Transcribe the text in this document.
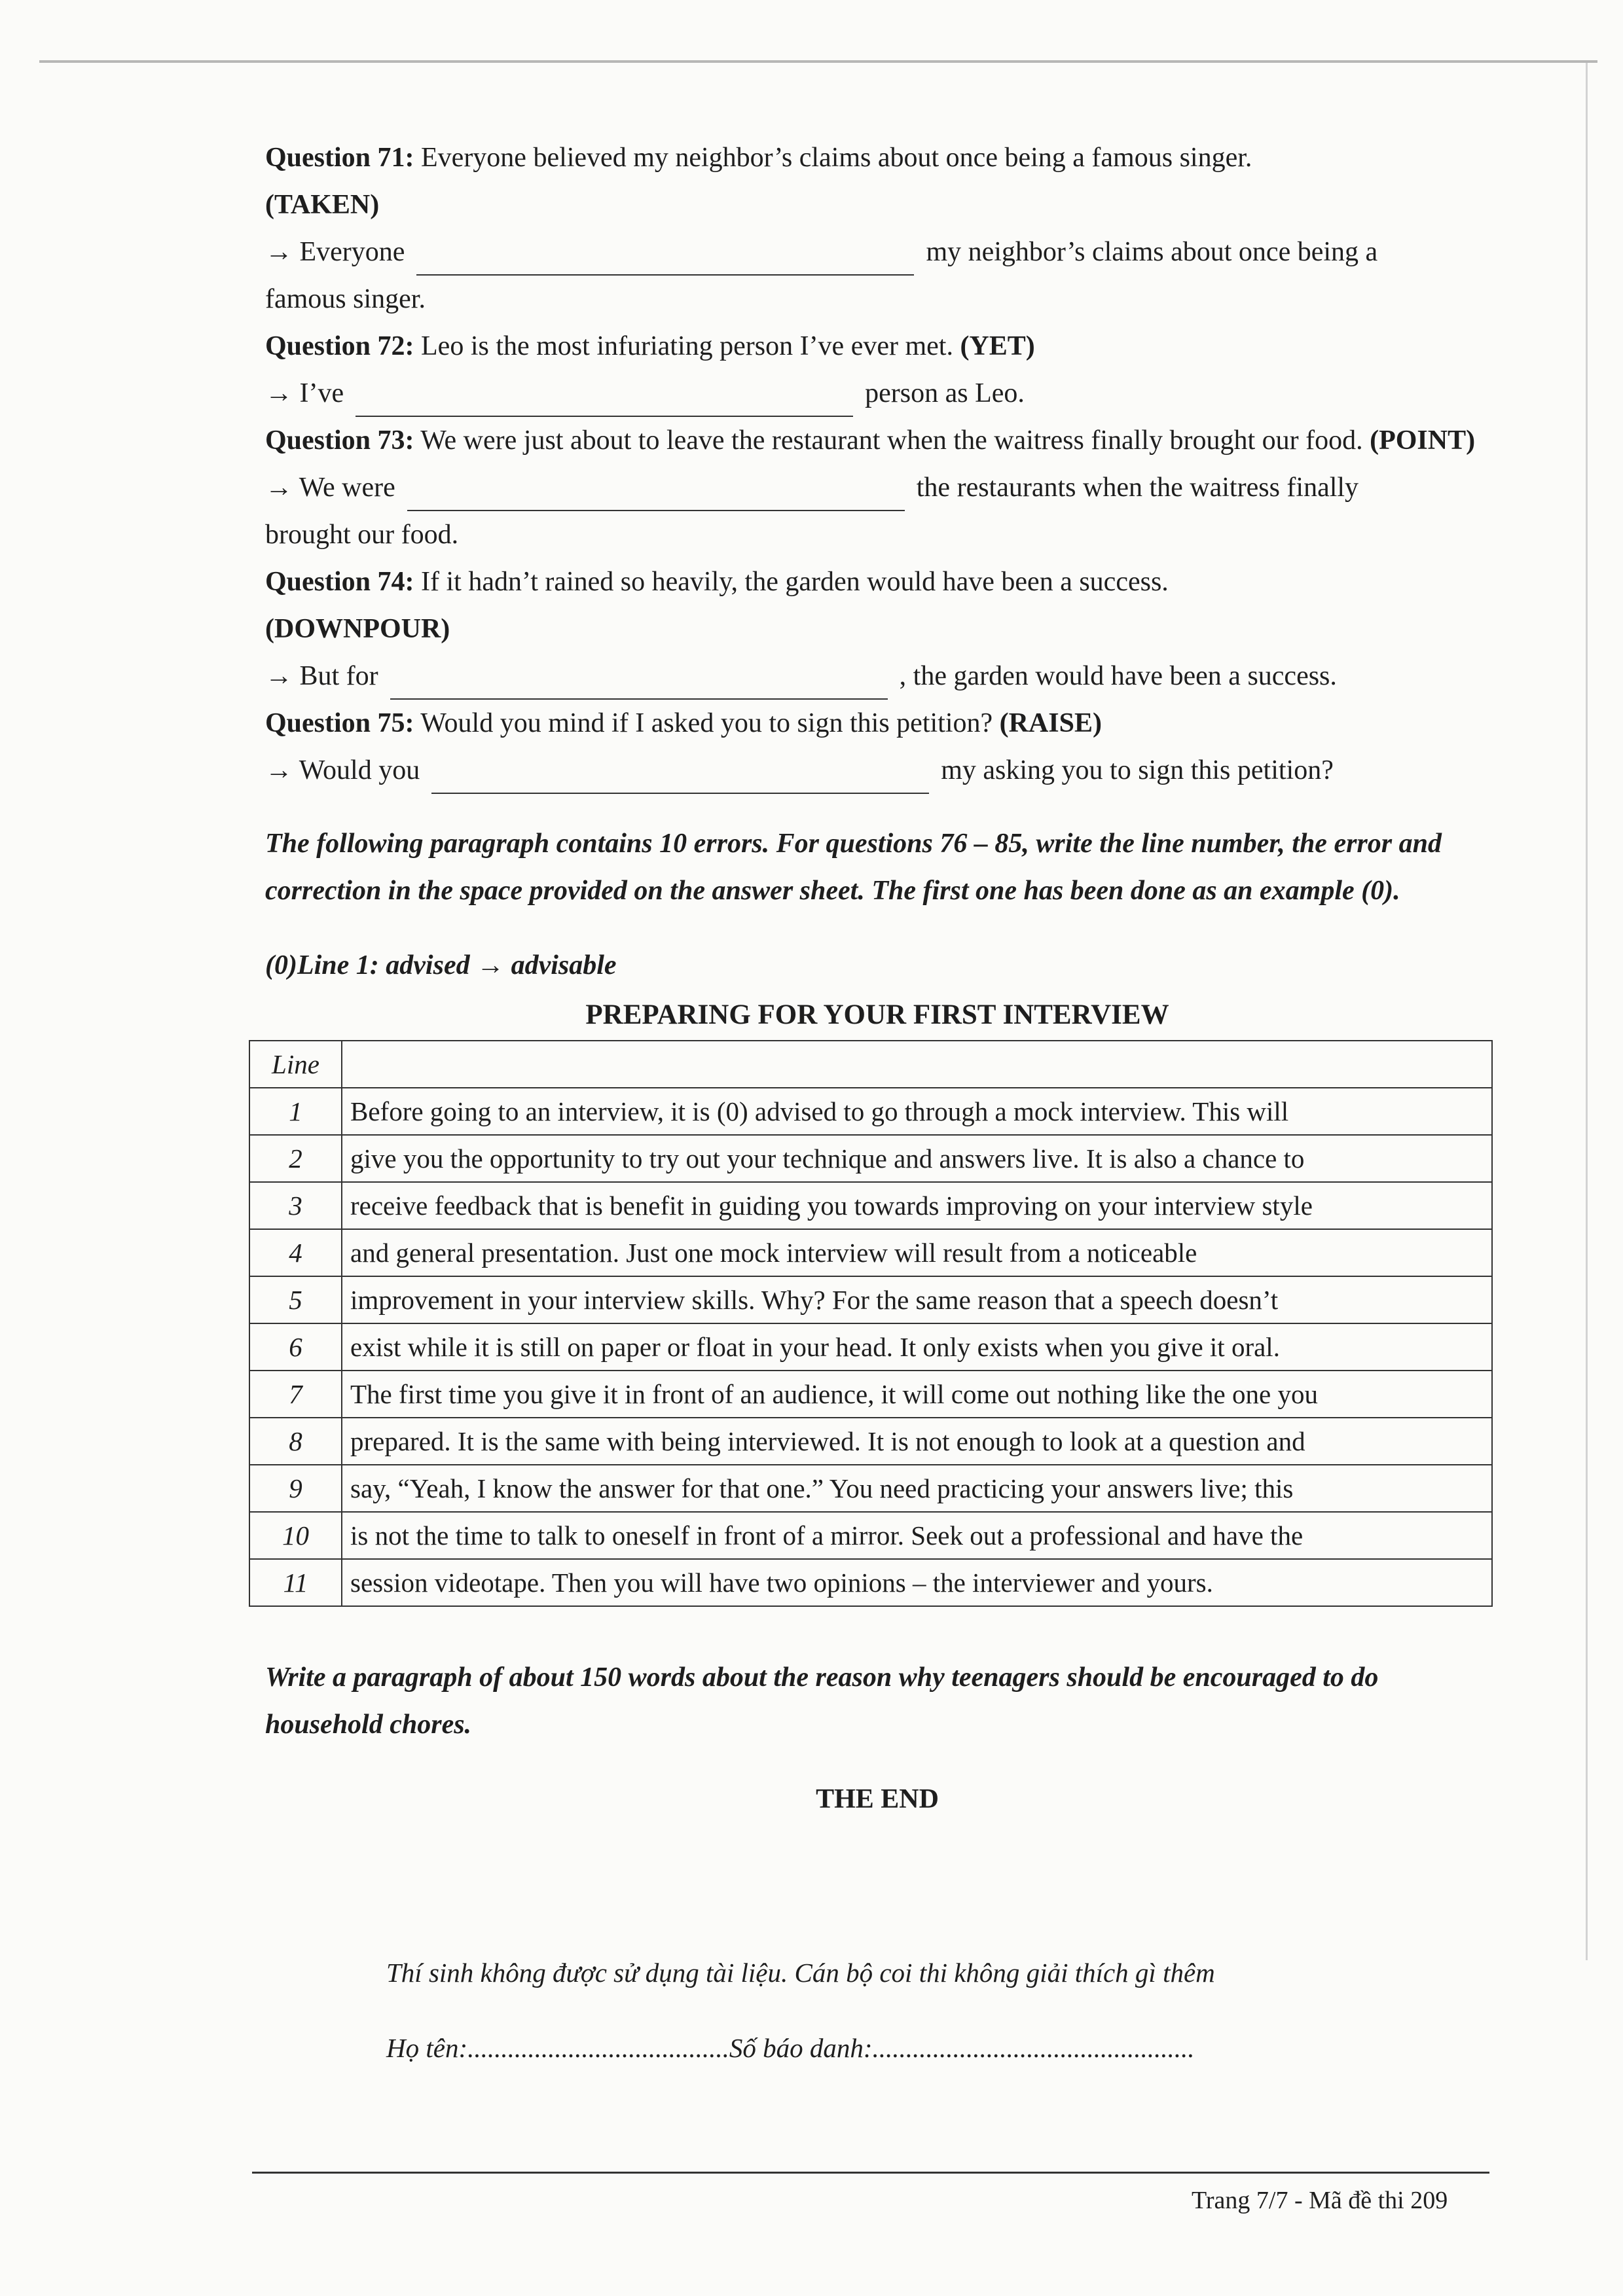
Question 71: Everyone believed my neighbor’s claims about once being a famous singer.
(TAKEN)

→ Everyone	my neighbor’s claims about once being a

famous singer.

Question 72: Leo is the most infuriating person I’ve ever met. (YET)

→ I’ve	person as Leo.

Question 73: We were just about to leave the restaurant when the waitress finally brought our food. (POINT)

→ We were	the restaurants when the waitress finally

brought our food.

Question 74: If it hadn’t rained so heavily, the garden would have been a success.
(DOWNPOUR)

→ But for	, the garden would have been a success.

Question 75: Would you mind if I asked you to sign this petition? (RAISE)

→ Would you	my asking you to sign this petition?

The following paragraph contains 10 errors. For questions 76 – 85, write the line number, the error and correction in the space provided on the answer sheet. The first one has been done as an example (0).

(0)Line 1: advised → advisable

PREPARING FOR YOUR FIRST INTERVIEW

Line	
1	Before going to an interview, it is (0) advised to go through a mock interview. This will
2	give you the opportunity to try out your technique and answers live. It is also a chance to
3	receive feedback that is benefit in guiding you towards improving on your interview style
4	and general presentation. Just one mock interview will result from a noticeable
5	improvement in your interview skills. Why? For the same reason that a speech doesn’t
6	exist while it is still on paper or float in your head. It only exists when you give it oral.
7	The first time you give it in front of an audience, it will come out nothing like the one you
8	prepared. It is the same with being interviewed. It is not enough to look at a question and
9	say, “Yeah, I know the answer for that one.” You need practicing your answers live; this
10	is not the time to talk to oneself in front of a mirror. Seek out a professional and have the
11	session videotape. Then you will have two opinions – the interviewer and yours.

Write a paragraph of about 150 words about the reason why teenagers should be encouraged to do household chores.

THE END

Thí sinh không được sử dụng tài liệu. Cán bộ coi thi không giải thích gì thêm
Họ tên:.......................................Số báo danh:................................................
Trang 7/7 - Mã đề thi 209
